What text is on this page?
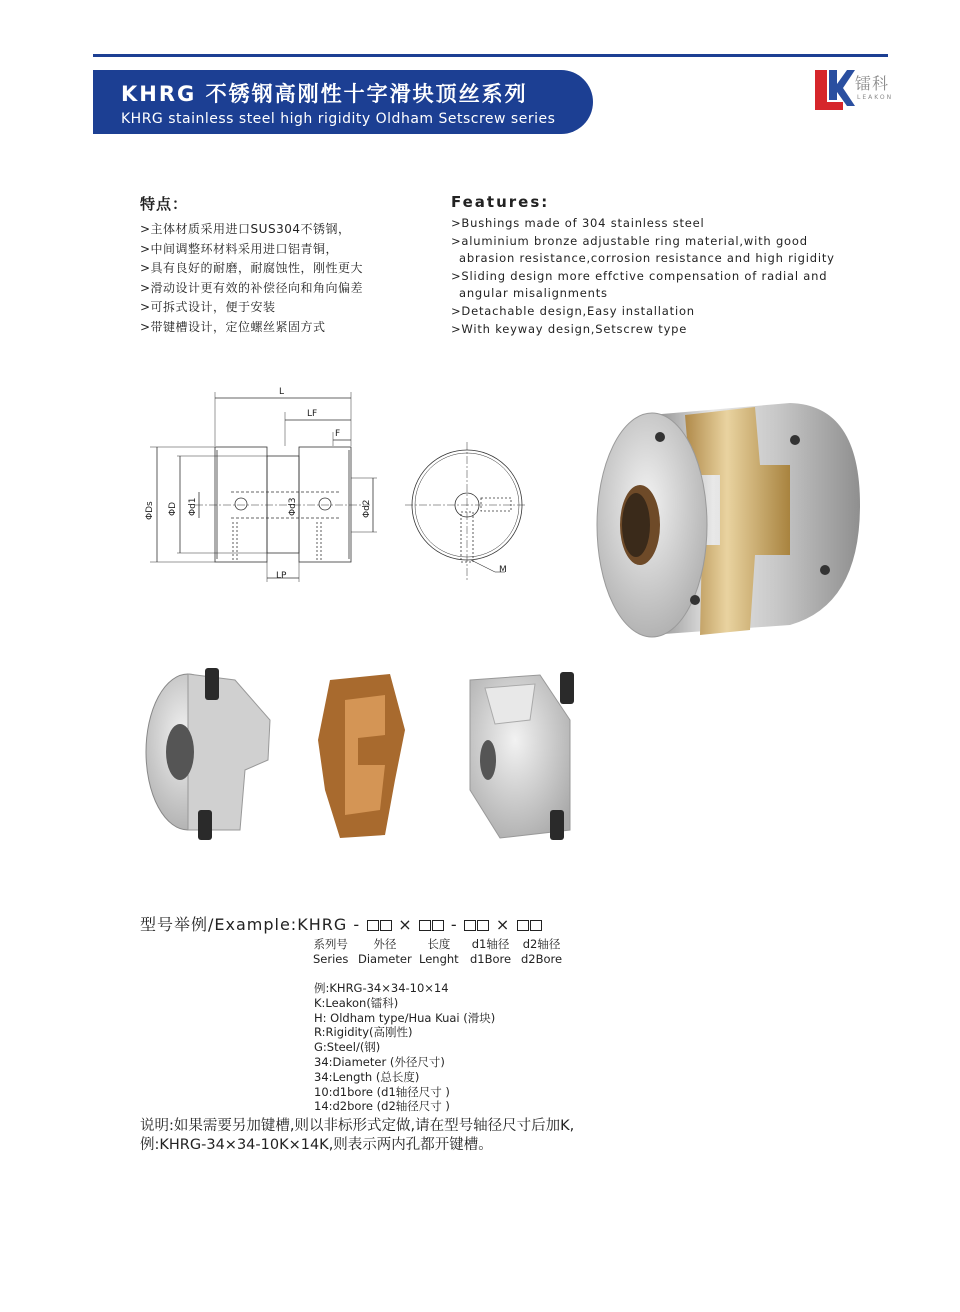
KHRG 不锈钢高刚性十字滑块顶丝系列
KHRG stainless steel high rigidity Oldham Setscrew series
镭科
LEAKON
特点：
>主体材质采用进口SUS304不锈钢，
>中间调整环材料采用进口铝青铜，
>具有良好的耐磨，耐腐蚀性，刚性更大
>滑动设计更有效的补偿径向和角向偏差
>可拆式设计，便于安装
>带键槽设计，定位螺丝紧固方式
Features:
>Bushings made of 304 stainless steel
>aluminium bronze adjustable ring material,with good
abrasion resistance,corrosion resistance and high rigidity
>Sliding design more effctive compensation of radial and
angular misalignments
>Detachable design,Easy installation
>With keyway design,Setscrew type
L
LF
F
LP
M
ΦDs ΦD Φd1	Φd3	Φd2
型号举例/Example:KHRG - × - ×
系列号
Series
外径
Diameter
长度
Lenght
d1轴径
d1Bore
d2轴径
d2Bore
例:KHRG-34×34-10×14
K:Leakon(镭科)
H: Oldham type/Hua Kuai (滑块)
R:Rigidity(高刚性)
G:Steel/(钢)
34:Diameter (外径尺寸)
34:Length (总长度)
10:d1bore (d1轴径尺寸 )
14:d2bore (d2轴径尺寸 )
说明:如果需要另加键槽,则以非标形式定做,请在型号轴径尺寸后加K,
例:KHRG-34×34-10K×14K,则表示两内孔都开键槽。
